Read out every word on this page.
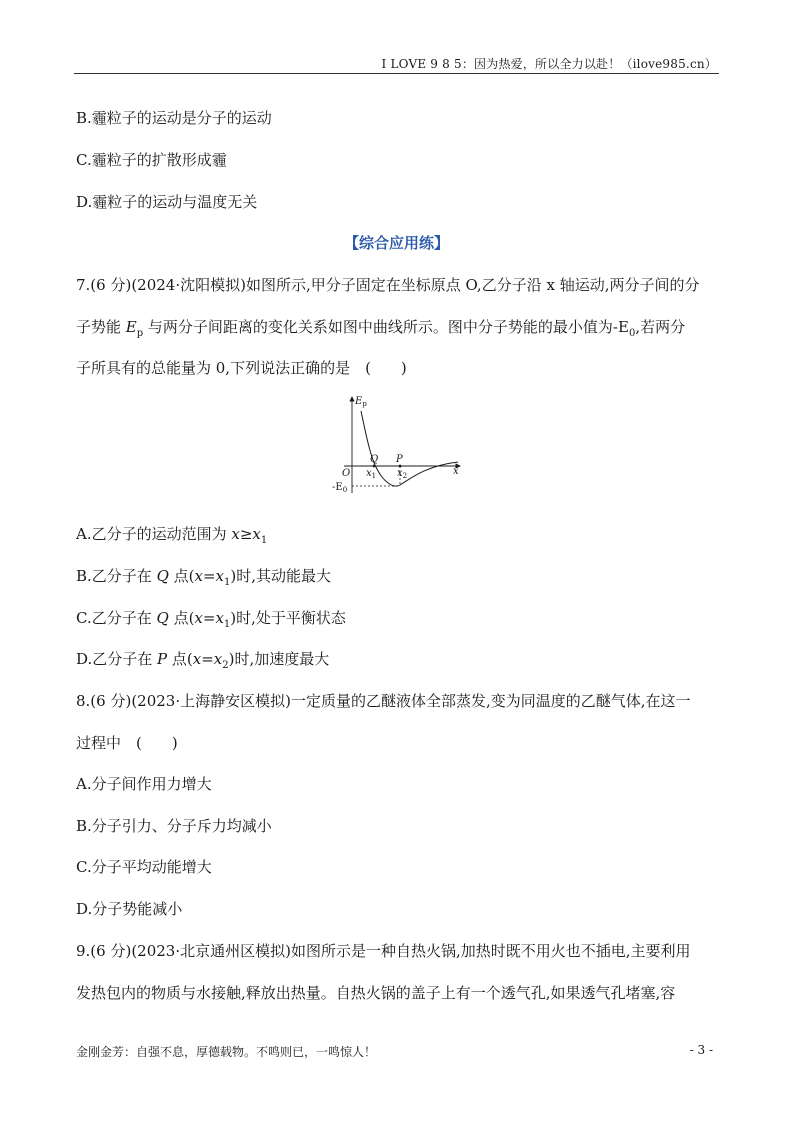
I LOVE 9 8 5：因为热爱，所以全力以赴！（ilove985.cn）
B.霾粒子的运动是分子的运动
C.霾粒子的扩散形成霾
D.霾粒子的运动与温度无关
【综合应用练】
7.(6 分)(2024·沈阳模拟)如图所示,甲分子固定在坐标原点 O,乙分子沿 x 轴运动,两分子间的分
子势能 $E_p$ 与两分子间距离的变化关系如图中曲线所示。图中分子势能的最小值为$-E_0$,若两分
子所具有的总能量为 0,下列说法正确的是　(　　)
$E_p$
O	x
Q P
$x_1$ $x_2$
$-E_0$
A.乙分子的运动范围为 $x\ge x_1$
B.乙分子在 Q 点$(x=x_1)$时,其动能最大
C.乙分子在 Q 点$(x=x_1)$时,处于平衡状态
D.乙分子在 P 点$(x=x_2)$时,加速度最大
8.(6 分)(2023·上海静安区模拟)一定质量的乙醚液体全部蒸发,变为同温度的乙醚气体,在这一
过程中　(　　)
A.分子间作用力增大
B.分子引力、分子斥力均减小
C.分子平均动能增大
D.分子势能减小
9.(6 分)(2023·北京通州区模拟)如图所示是一种自热火锅,加热时既不用火也不插电,主要利用
发热包内的物质与水接触,释放出热量。自热火锅的盖子上有一个透气孔,如果透气孔堵塞,容
金刚金芳：自强不息，厚德载物。不鸣则已，一鸣惊人！	- 3 -
